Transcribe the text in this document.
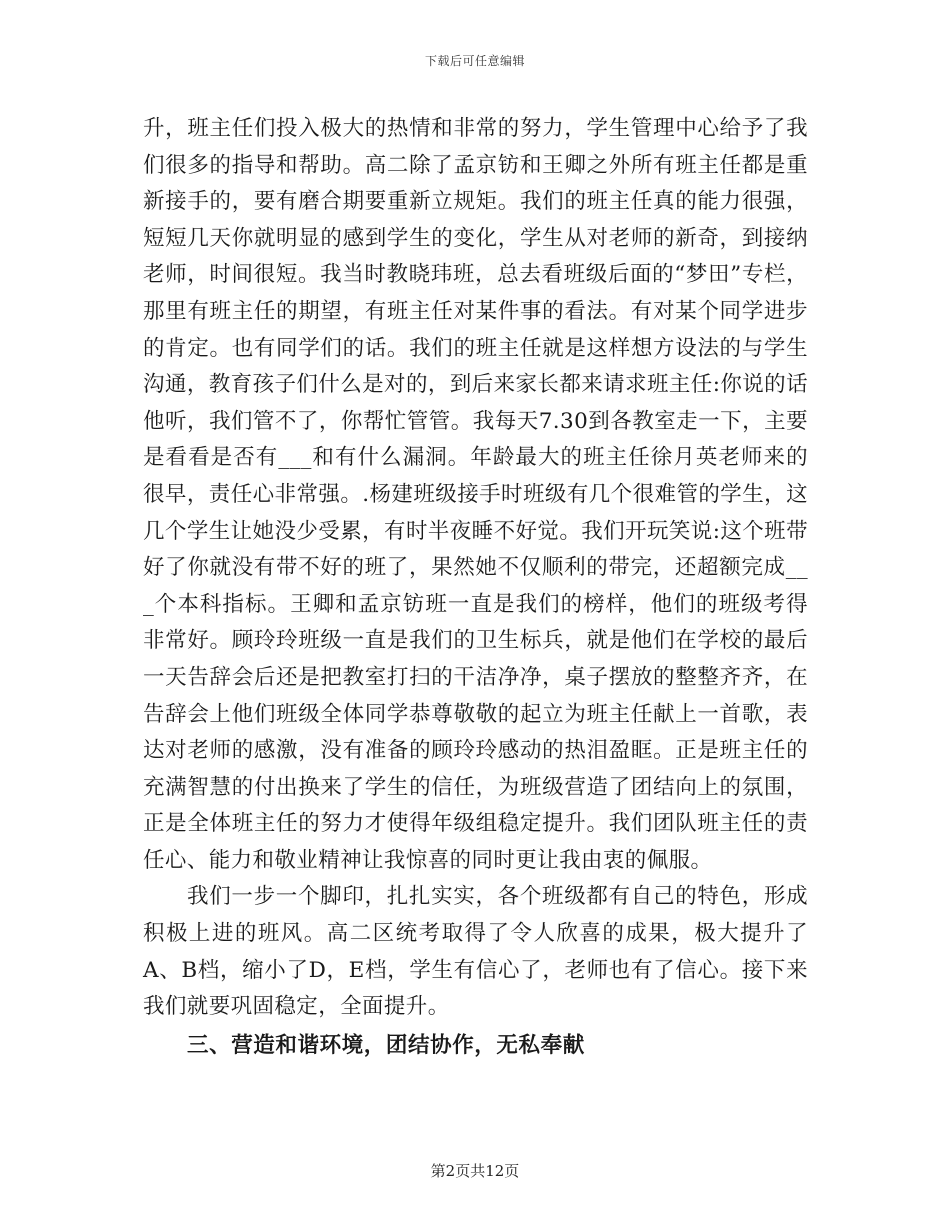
下载后可任意编辑

升，班主任们投入极大的热情和非常的努力，学生管理中心给予了我们很多的指导和帮助。高二除了孟京钫和王卿之外所有班主任都是重新接手的，要有磨合期要重新立规矩。我们的班主任真的能力很强，短短几天你就明显的感到学生的变化，学生从对老师的新奇，到接纳老师，时间很短。我当时教晓玮班，总去看班级后面的“梦田”专栏，那里有班主任的期望，有班主任对某件事的看法。有对某个同学进步的肯定。也有同学们的话。我们的班主任就是这样想方设法的与学生沟通，教育孩子们什么是对的，到后来家长都来请求班主任:你说的话他听，我们管不了，你帮忙管管。我每天7.30到各教室走一下，主要是看看是否有___和有什么漏洞。年龄最大的班主任徐月英老师来的很早，责任心非常强。.杨建班级接手时班级有几个很难管的学生，这几个学生让她没少受累，有时半夜睡不好觉。我们开玩笑说:这个班带好了你就没有带不好的班了，果然她不仅顺利的带完，还超额完成___个本科指标。王卿和孟京钫班一直是我们的榜样，他们的班级考得非常好。顾玲玲班级一直是我们的卫生标兵，就是他们在学校的最后一天告辞会后还是把教室打扫的干洁净净，桌子摆放的整整齐齐，在告辞会上他们班级全体同学恭尊敬敬的起立为班主任献上一首歌，表达对老师的感激，没有准备的顾玲玲感动的热泪盈眶。正是班主任的充满智慧的付出换来了学生的信任，为班级营造了团结向上的氛围，正是全体班主任的努力才使得年级组稳定提升。我们团队班主任的责任心、能力和敬业精神让我惊喜的同时更让我由衷的佩服。

我们一步一个脚印，扎扎实实，各个班级都有自己的特色，形成积极上进的班风。高二区统考取得了令人欣喜的成果，极大提升了A、B档，缩小了D，E档，学生有信心了，老师也有了信心。接下来我们就要巩固稳定，全面提升。

三、营造和谐环境，团结协作，无私奉献

第2页共12页
